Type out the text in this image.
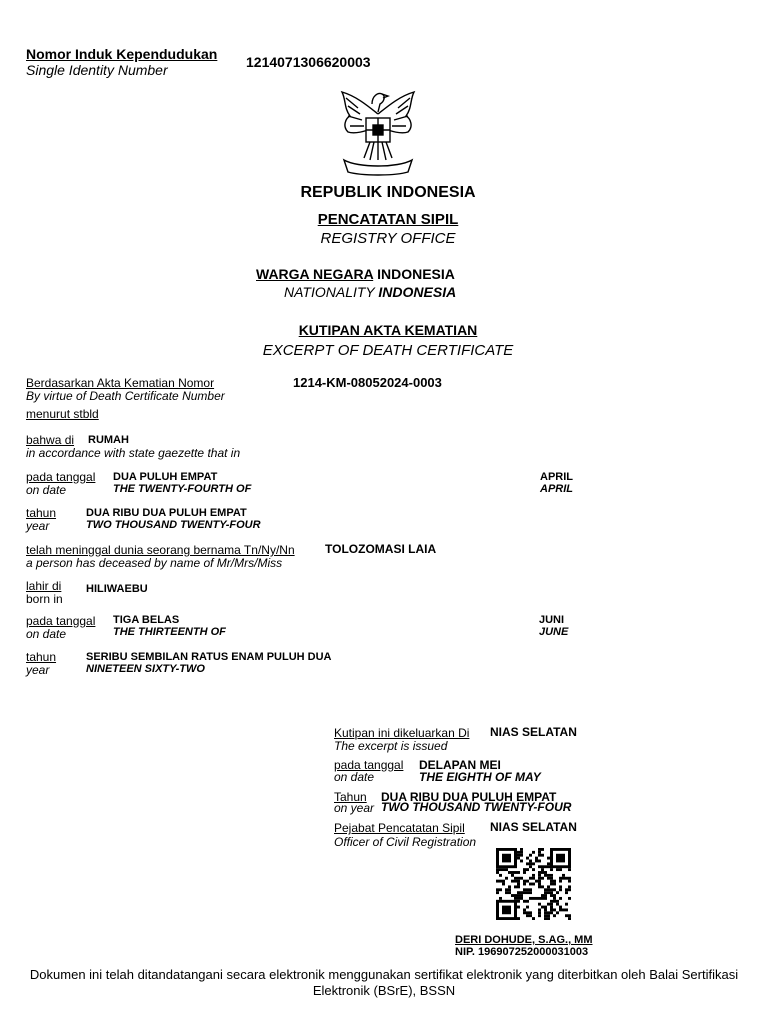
Nomor Induk Kependudukan
Single Identity Number	1214071306620003
REPUBLIK INDONESIA
PENCATATAN SIPIL
REGISTRY OFFICE
WARGA NEGARA INDONESIA
NATIONALITY INDONESIA
KUTIPAN AKTA KEMATIAN
EXCERPT OF DEATH CERTIFICATE
Berdasarkan Akta Kematian Nomor
By virtue of Death Certificate Number
1214-KM-08052024-0003
menurut stbld
bahwa di RUMAH
in accordance with state gaezette that in
pada tanggal
on date
DUA PULUH EMPAT
THE TWENTY-FOURTH OF
APRIL
APRIL
tahun
year
DUA RIBU DUA PULUH EMPAT
TWO THOUSAND TWENTY-FOUR
telah meninggal dunia seorang bernama Tn/Ny/Nn
a person has deceased by name of Mr/Mrs/Miss
TOLOZOMASI LAIA
lahir di
born in
HILIWAEBU
pada tanggal
on date
TIGA BELAS
THE THIRTEENTH OF
JUNI
JUNE
tahun
year
SERIBU SEMBILAN RATUS ENAM PULUH DUA
NINETEEN SIXTY-TWO
Kutipan ini dikeluarkan Di
The excerpt is issued
NIAS SELATAN
pada tanggal
on date
DELAPAN MEI
THE EIGHTH OF MAY
Tahun
on year
DUA RIBU DUA PULUH EMPAT
TWO THOUSAND TWENTY-FOUR
Pejabat Pencatatan Sipil
Officer of Civil Registration
NIAS SELATAN
DERI DOHUDE, S.AG., MM
NIP. 196907252000031003
Dokumen ini telah ditandatangani secara elektronik menggunakan sertifikat elektronik yang diterbitkan oleh Balai Sertifikasi
Elektronik (BSrE), BSSN
